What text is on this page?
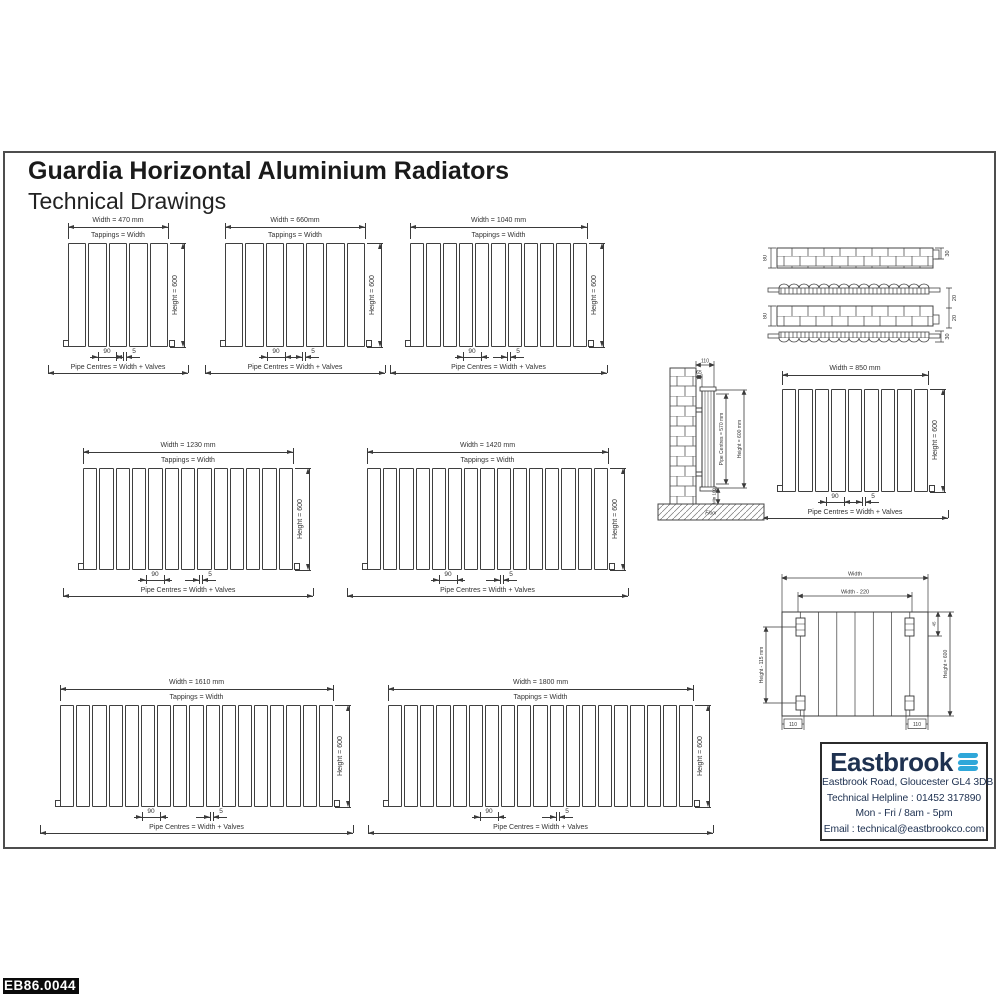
Guardia Horizontal Aluminium Radiators
Technical Drawings
Width = 470 mm
Tappings = Width
Height = 600
90	5
Pipe Centres = Width + Valves
Width = 660mm
Tappings = Width
Height = 600
90	5
Pipe Centres = Width + Valves
Width = 1040 mm
Tappings = Width
Height = 600
90	5
Pipe Centres = Width + Valves
Width = 1230 mm
Tappings = Width
Height = 600
90	5
Pipe Centres = Width + Valves
Width = 1420 mm
Tappings = Width
Height = 600
90	5
Pipe Centres = Width + Valves
Width = 1610 mm
Tappings = Width
Height = 600
90	5
Pipe Centres = Width + Valves
Width = 1800 mm
Tappings = Width
Height = 600
90	5
Pipe Centres = Width + Valves
Width = 850 mm
Height = 600
90	5
Pipe Centres = Width + Valves
80
30
20
20
80
30
Floor
110
65
Pipe Centres = 570 mm Height = 600 mm
Min 100
Width
Width - 220
Height - 115 mm
45
Height = 600
110	110
Eastbrook
Eastbrook Road, Gloucester GL4 3DB
Technical Helpline : 01452 317890
Mon - Fri / 8am - 5pm
Email : technical@eastbrookco.com
EB86.0044
